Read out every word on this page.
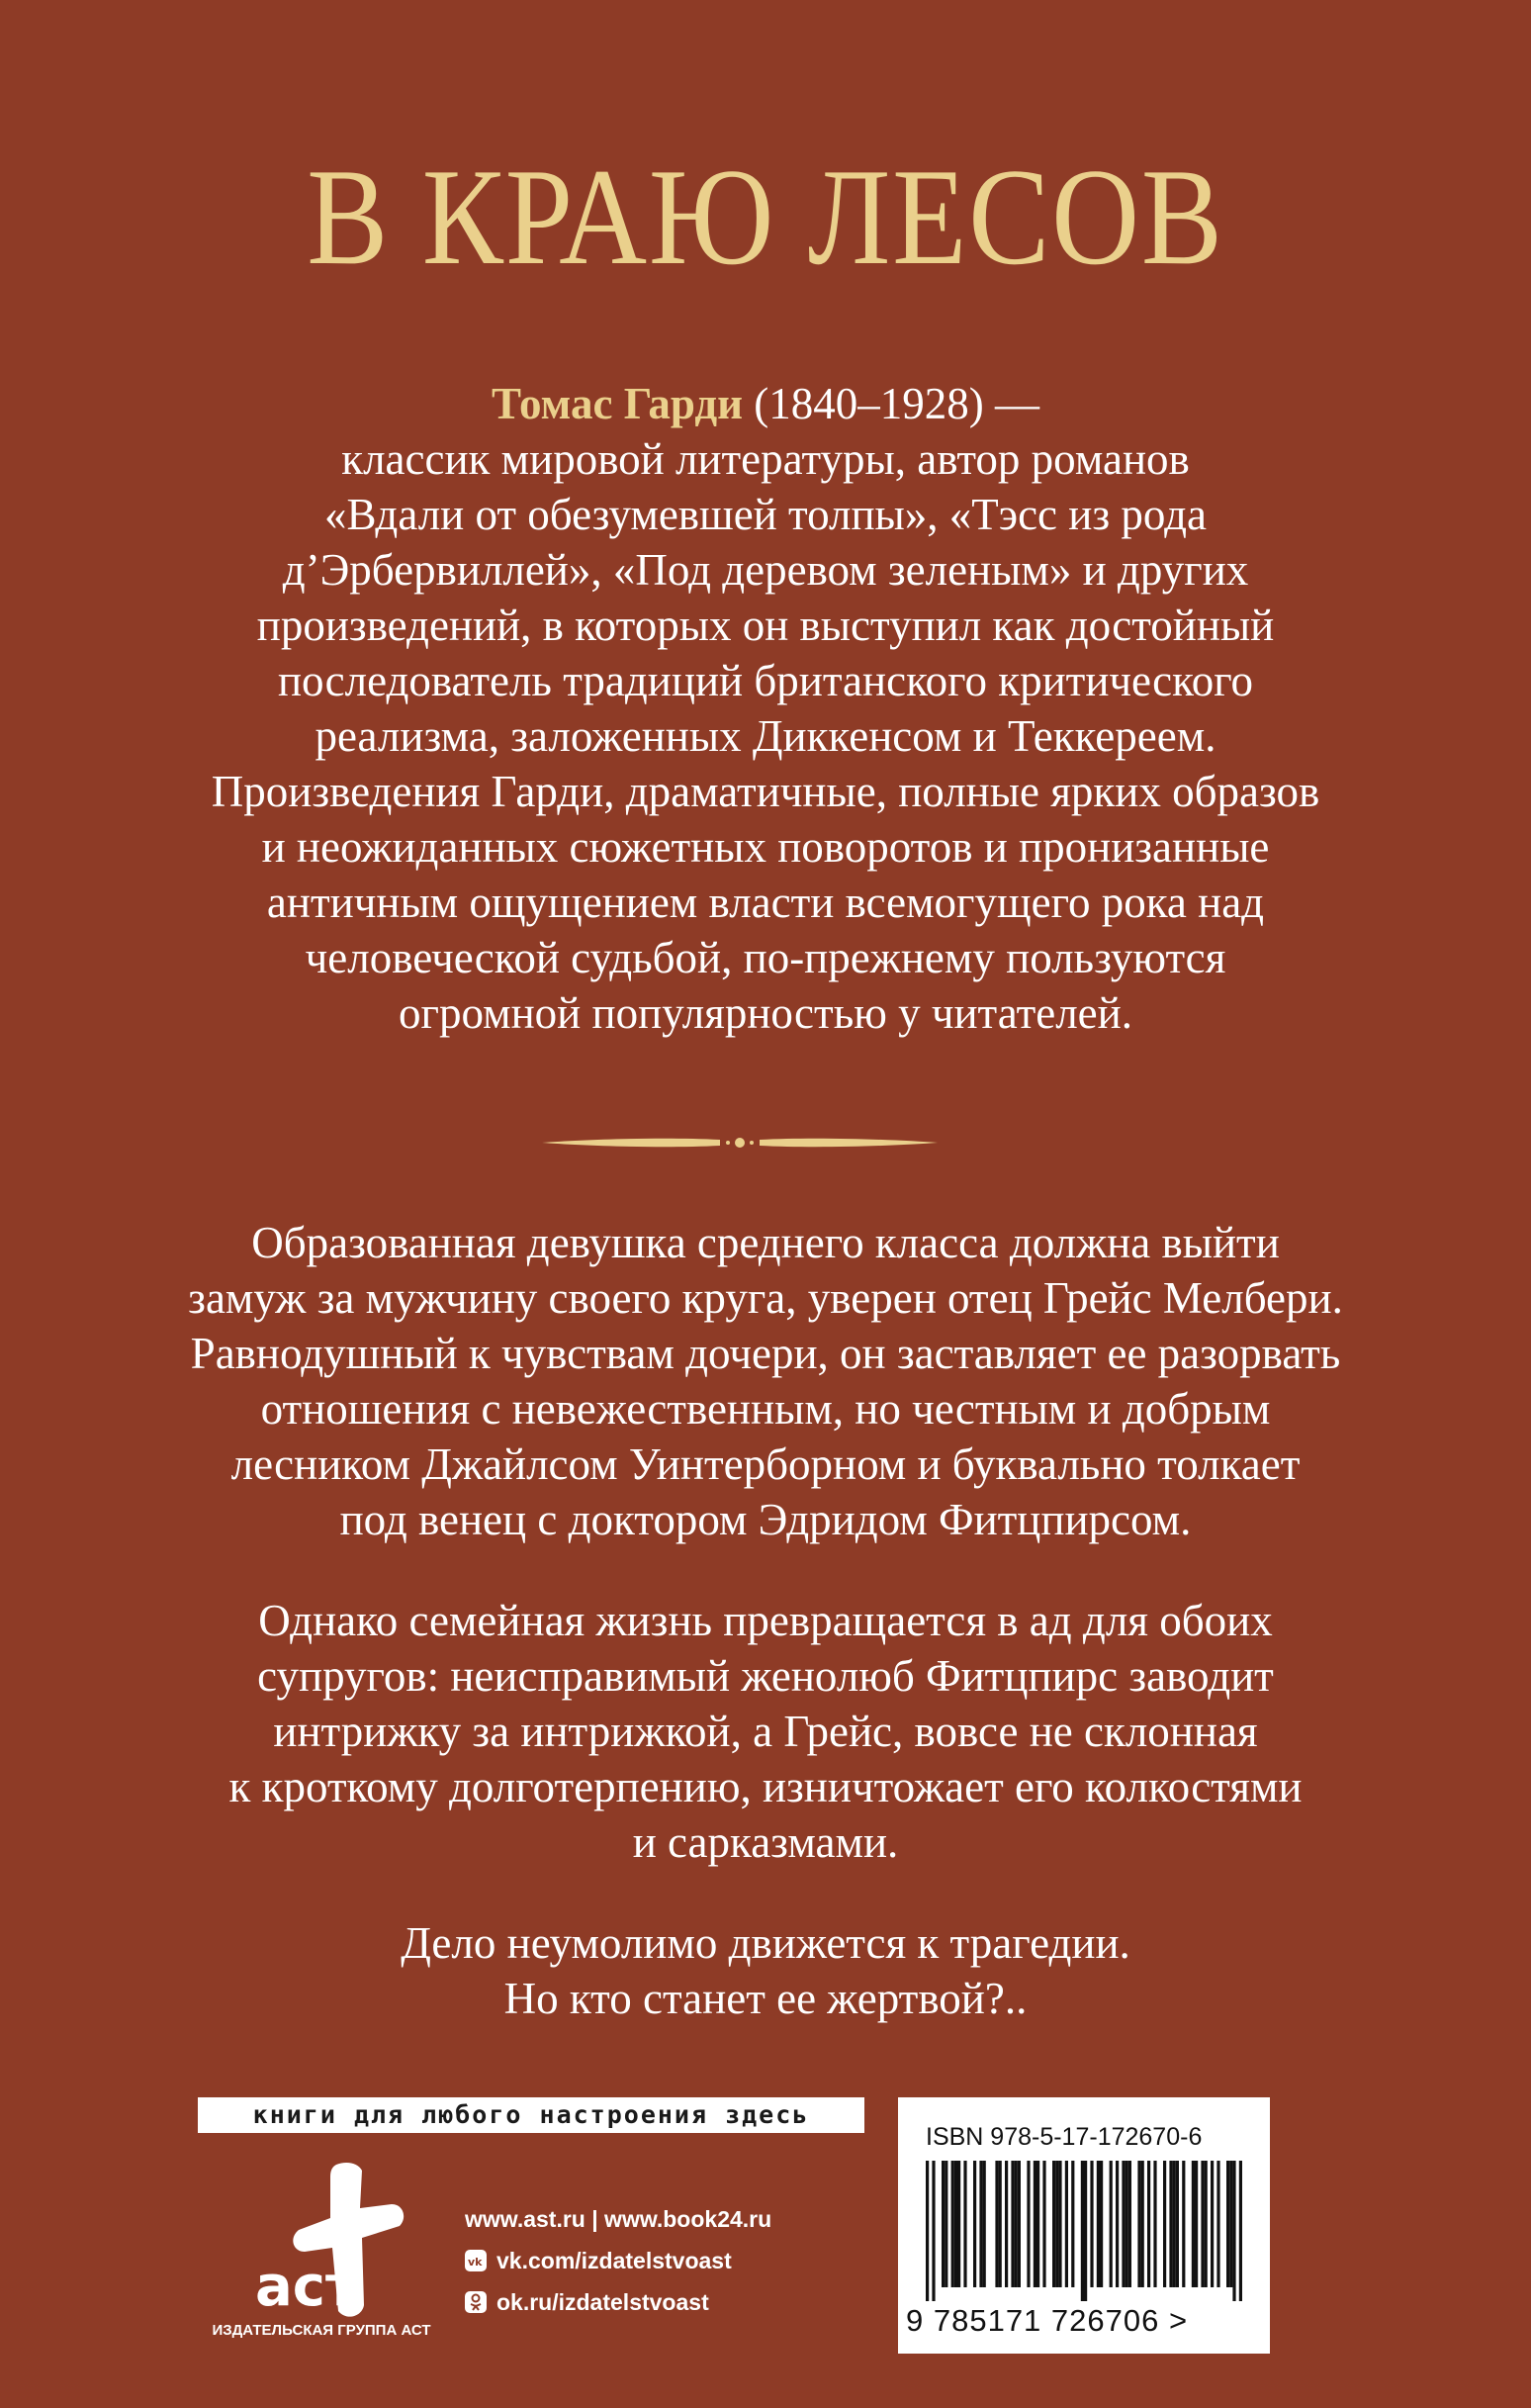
В КРАЮ ЛЕСОВ
Томас Гарди (1840–1928) —
классик мировой литературы, автор романов
«Вдали от обезумевшей толпы», «Тэсс из рода
д’Эрбервиллей», «Под деревом зеленым» и других
произведений, в которых он выступил как достойный
последователь традиций британского критического
реализма, заложенных Диккенсом и Теккереем.
Произведения Гарди, драматичные, полные ярких образов
и неожиданных сюжетных поворотов и пронизанные
античным ощущением власти всемогущего рока над
человеческой судьбой, по-прежнему пользуются
огромной популярностью у читателей.
Образованная девушка среднего класса должна выйти
замуж за мужчину своего круга, уверен отец Грейс Мелбери.
Равнодушный к чувствам дочери, он заставляет ее разорвать
отношения с невежественным, но честным и добрым
лесником Джайлсом Уинтерборном и буквально толкает
под венец с доктором Эдридом Фитцпирсом.
Однако семейная жизнь превращается в ад для обоих
супругов: неисправимый женолюб Фитцпирс заводит
интрижку за интрижкой, а Грейс, вовсе не склонная
к кроткому долготерпению, изничтожает его колкостями
и сарказмами.
Дело неумолимо движется к трагедии.
Но кто станет ее жертвой?..
книги для любого настроения здесь
аст
ИЗДАТЕЛЬСКАЯ ГРУППА АСТ
www.ast.ru | www.book24.ru
vk vk.com/izdatelstvoast
ok.ru/izdatelstvoast
ISBN 978-5-17-172670-6
9 785171 726706 >
